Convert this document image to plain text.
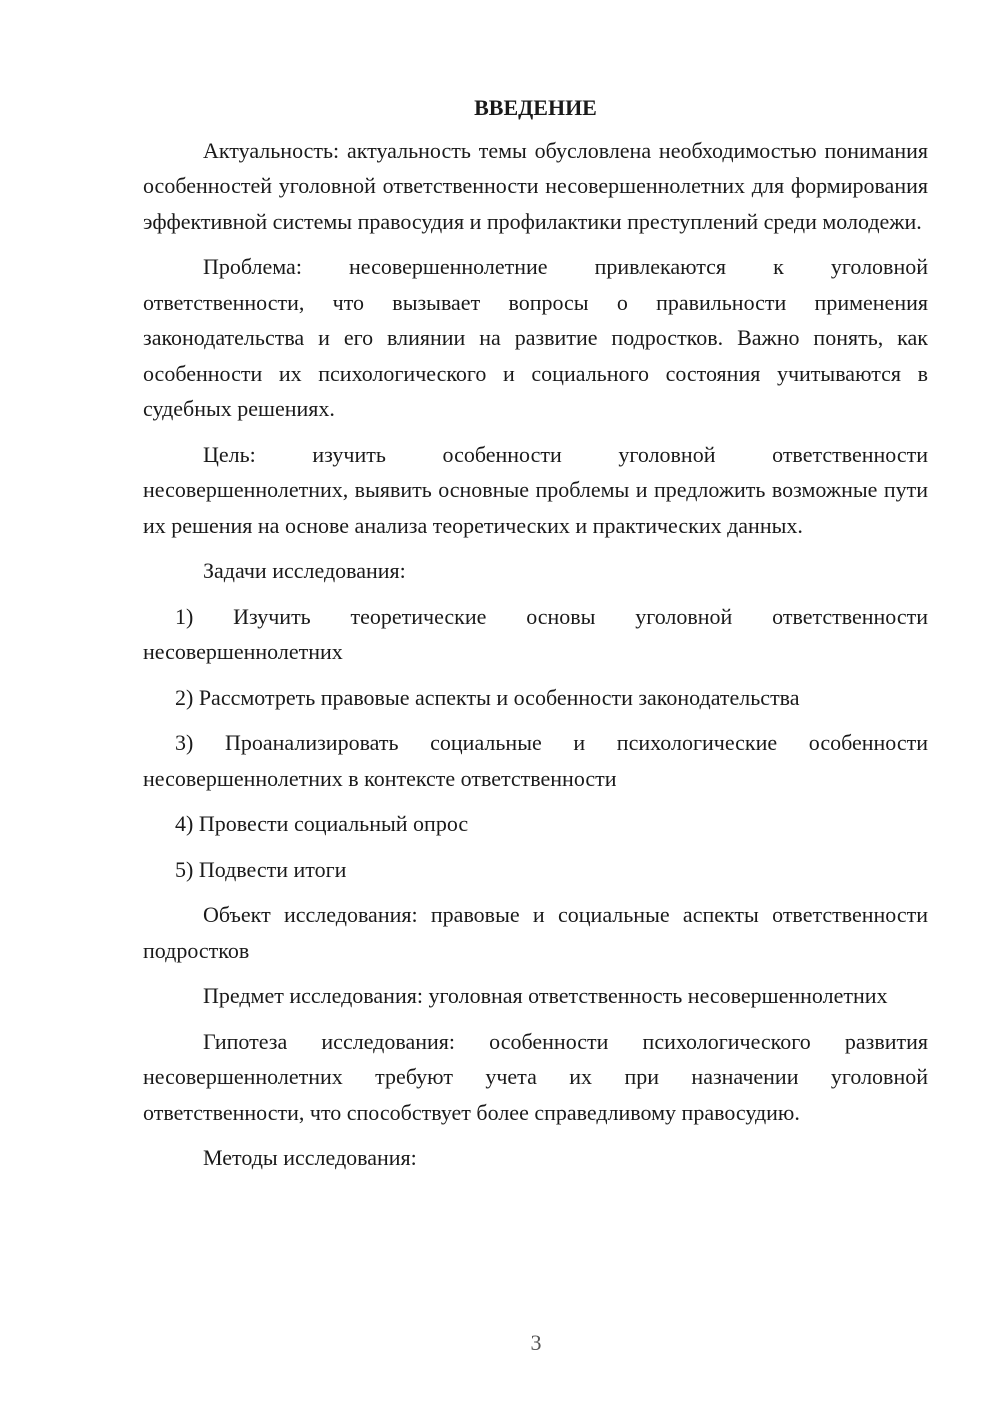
ВВЕДЕНИЕ

Актуальность: актуальность темы обусловлена необходимостью понимания особенностей уголовной ответственности несовершеннолетних для формирования эффективной системы правосудия и профилактики преступлений среди молодежи.

Проблема: несовершеннолетние привлекаются к уголовной ответственности, что вызывает вопросы о правильности применения законодательства и его влиянии на развитие подростков. Важно понять, как особенности их психологического и социального состояния учитываются в судебных решениях.

Цель: изучить особенности уголовной ответственности несовершеннолетних, выявить основные проблемы и предложить возможные пути их решения на основе анализа теоретических и практических данных.

Задачи исследования:

1) Изучить теоретические основы уголовной ответственности несовершеннолетних

2) Рассмотреть правовые аспекты и особенности законодательства

3) Проанализировать социальные и психологические особенности несовершеннолетних в контексте ответственности

4) Провести социальный опрос

5) Подвести итоги

Объект исследования: правовые и социальные аспекты ответственности подростков

Предмет исследования: уголовная ответственность несовершеннолетних

Гипотеза исследования: особенности психологического развития несовершеннолетних требуют учета их при назначении уголовной ответственности, что способствует более справедливому правосудию.

Методы исследования:

3
